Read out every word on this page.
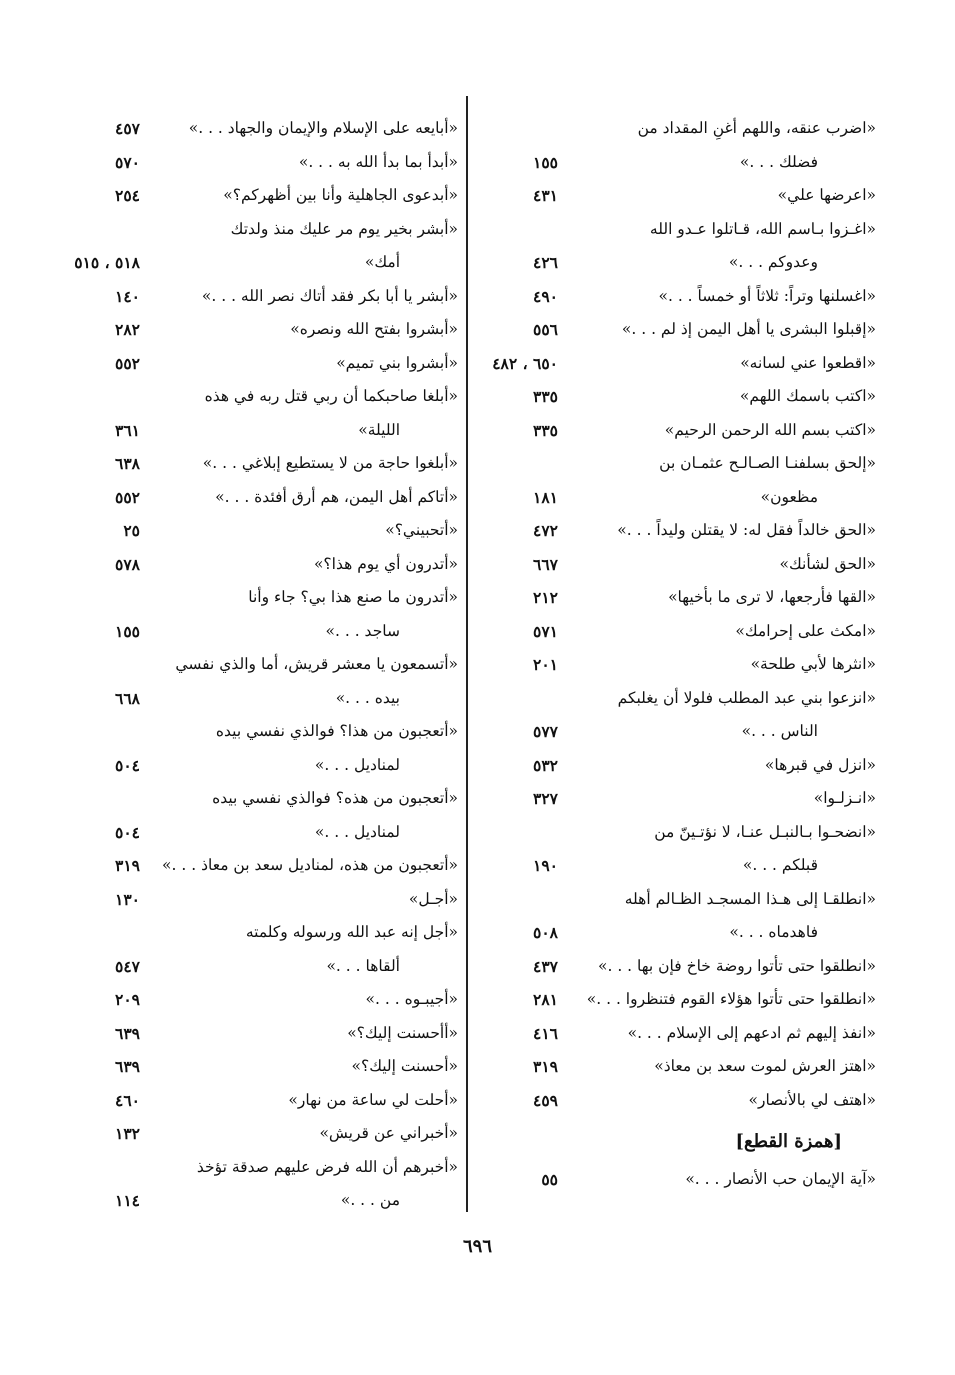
«اضرب عنقه، واللهم أغنِ المقداد من
فضلك . . .»
١٥٥
«اعرضها علي»
٤٣١
«اغـزوا بـاسم الله، قـاتلوا عـدو الله
وعدوكم . . .»
٤٢٦
«اغسلنها وتراً: ثلاثاً أو خمساً . . .»
٤٩٠
«إقبلوا البشرى يا أهل اليمن إذ لم . . .»
٥٥٦
«اقطعوا عني لسانه»
٦٥٠ ، ٤٨٢
«اكتب باسمك اللهم»
٣٣٥
«اكتب بسم الله الرحمن الرحيم»
٣٣٥
«إلحق بسلفنـا الصـالـح عثمـان بن
مظعون»
١٨١
«الحق خالداً فقل له: لا يقتلن وليداً . . .»
٤٧٢
«الحق لشأنك»
٦٦٧
«القها فأرجعها، لا ترى ما بأخيها»
٢١٢
«امكث على إحرامك»
٥٧١
«انثرها لأبي طلحة»
٢٠١
«انزعوا بني عبد المطلب فلولا أن يغلبكم
الناس . . .»
٥٧٧
«انزل في قبرها»
٥٣٢
«انـزلـوا»
٣٢٧
«انضحـوا بـالنبـل عنـا، لا نؤتـينّ من
قبلكم . . .»
١٩٠
«انطلقـا إلى هـذا المسجـد الظـالم أهله
فاهدماه . . .»
٥٠٨
«انطلقوا حتى تأتوا روضة خاخ فإن بها . . .»
٤٣٧
«انطلقوا حتى تأتوا هؤلاء القوم فتنظروا . . .»
٢٨١
«انفذ إليهم ثم ادعهم إلى الإسلام . . .»
٤١٦
«اهتز العرش لموت سعد بن معاذ»
٣١٩
«اهتف لي بالأنصار»
٤٥٩
[همزة القطع]
«آية الإيمان حب الأنصار . . .»
٥٥
«أبايعه على الإسلام والإيمان والجهاد . . .»
٤٥٧
«أبدأ بما بدأ الله به . . .»
٥٧٠
«أبدعوى الجاهلية وأنا بين أظهركم؟»
٢٥٤
«أبشر بخير يوم مر عليك منذ ولدتك
أمك»
٥١٨ ، ٥١٥
«أبشر يا أبا بكر فقد أتاك نصر الله . . .»
١٤٠
«أبشروا بفتح الله ونصره»
٢٨٢
«أبشروا بني تميم»
٥٥٢
«أبلغا صاحبكما أن ربي قتل ربه في هذه
الليلة»
٣٦١
«أبلغوا حاجة من لا يستطيع إبلاغي . . .»
٦٣٨
«أتاكم أهل اليمن، هم أرق أفئدة . . .»
٥٥٢
«أتحبيني؟»
٢٥
«أتدرون أي يوم هذا؟»
٥٧٨
«أتدرون ما صنع هذا بي؟ جاء وأنا
ساجد . . .»
١٥٥
«أتسمعون يا معشر قريش، أما والذي نفسي
بيده . . .»
٦٦٨
«أتعجبون من هذا؟ فوالذي نفسي بيده
لمناديل . . .»
٥٠٤
«أتعجبون من هذه؟ فوالذي نفسي بيده
لمناديل . . .»
٥٠٤
«أتعجبون من هذه، لمناديل سعد بن معاذ . . .»
٣١٩
«أجـل»
١٣٠
«أجل إنه عبد الله ورسوله وكلمته
ألقاها . . .»
٥٤٧
«أجيبـوه . . .»
٢٠٩
«أأحسنت إليك؟»
٦٣٩
«أحسنت إليك؟»
٦٣٩
«أحلت لي ساعة من نهار»
٤٦٠
«أخبراني عن قريش»
١٣٢
«أخبرهم أن الله فرض عليهم صدقة تؤخذ
من . . .»
١١٤
٦٩٦
